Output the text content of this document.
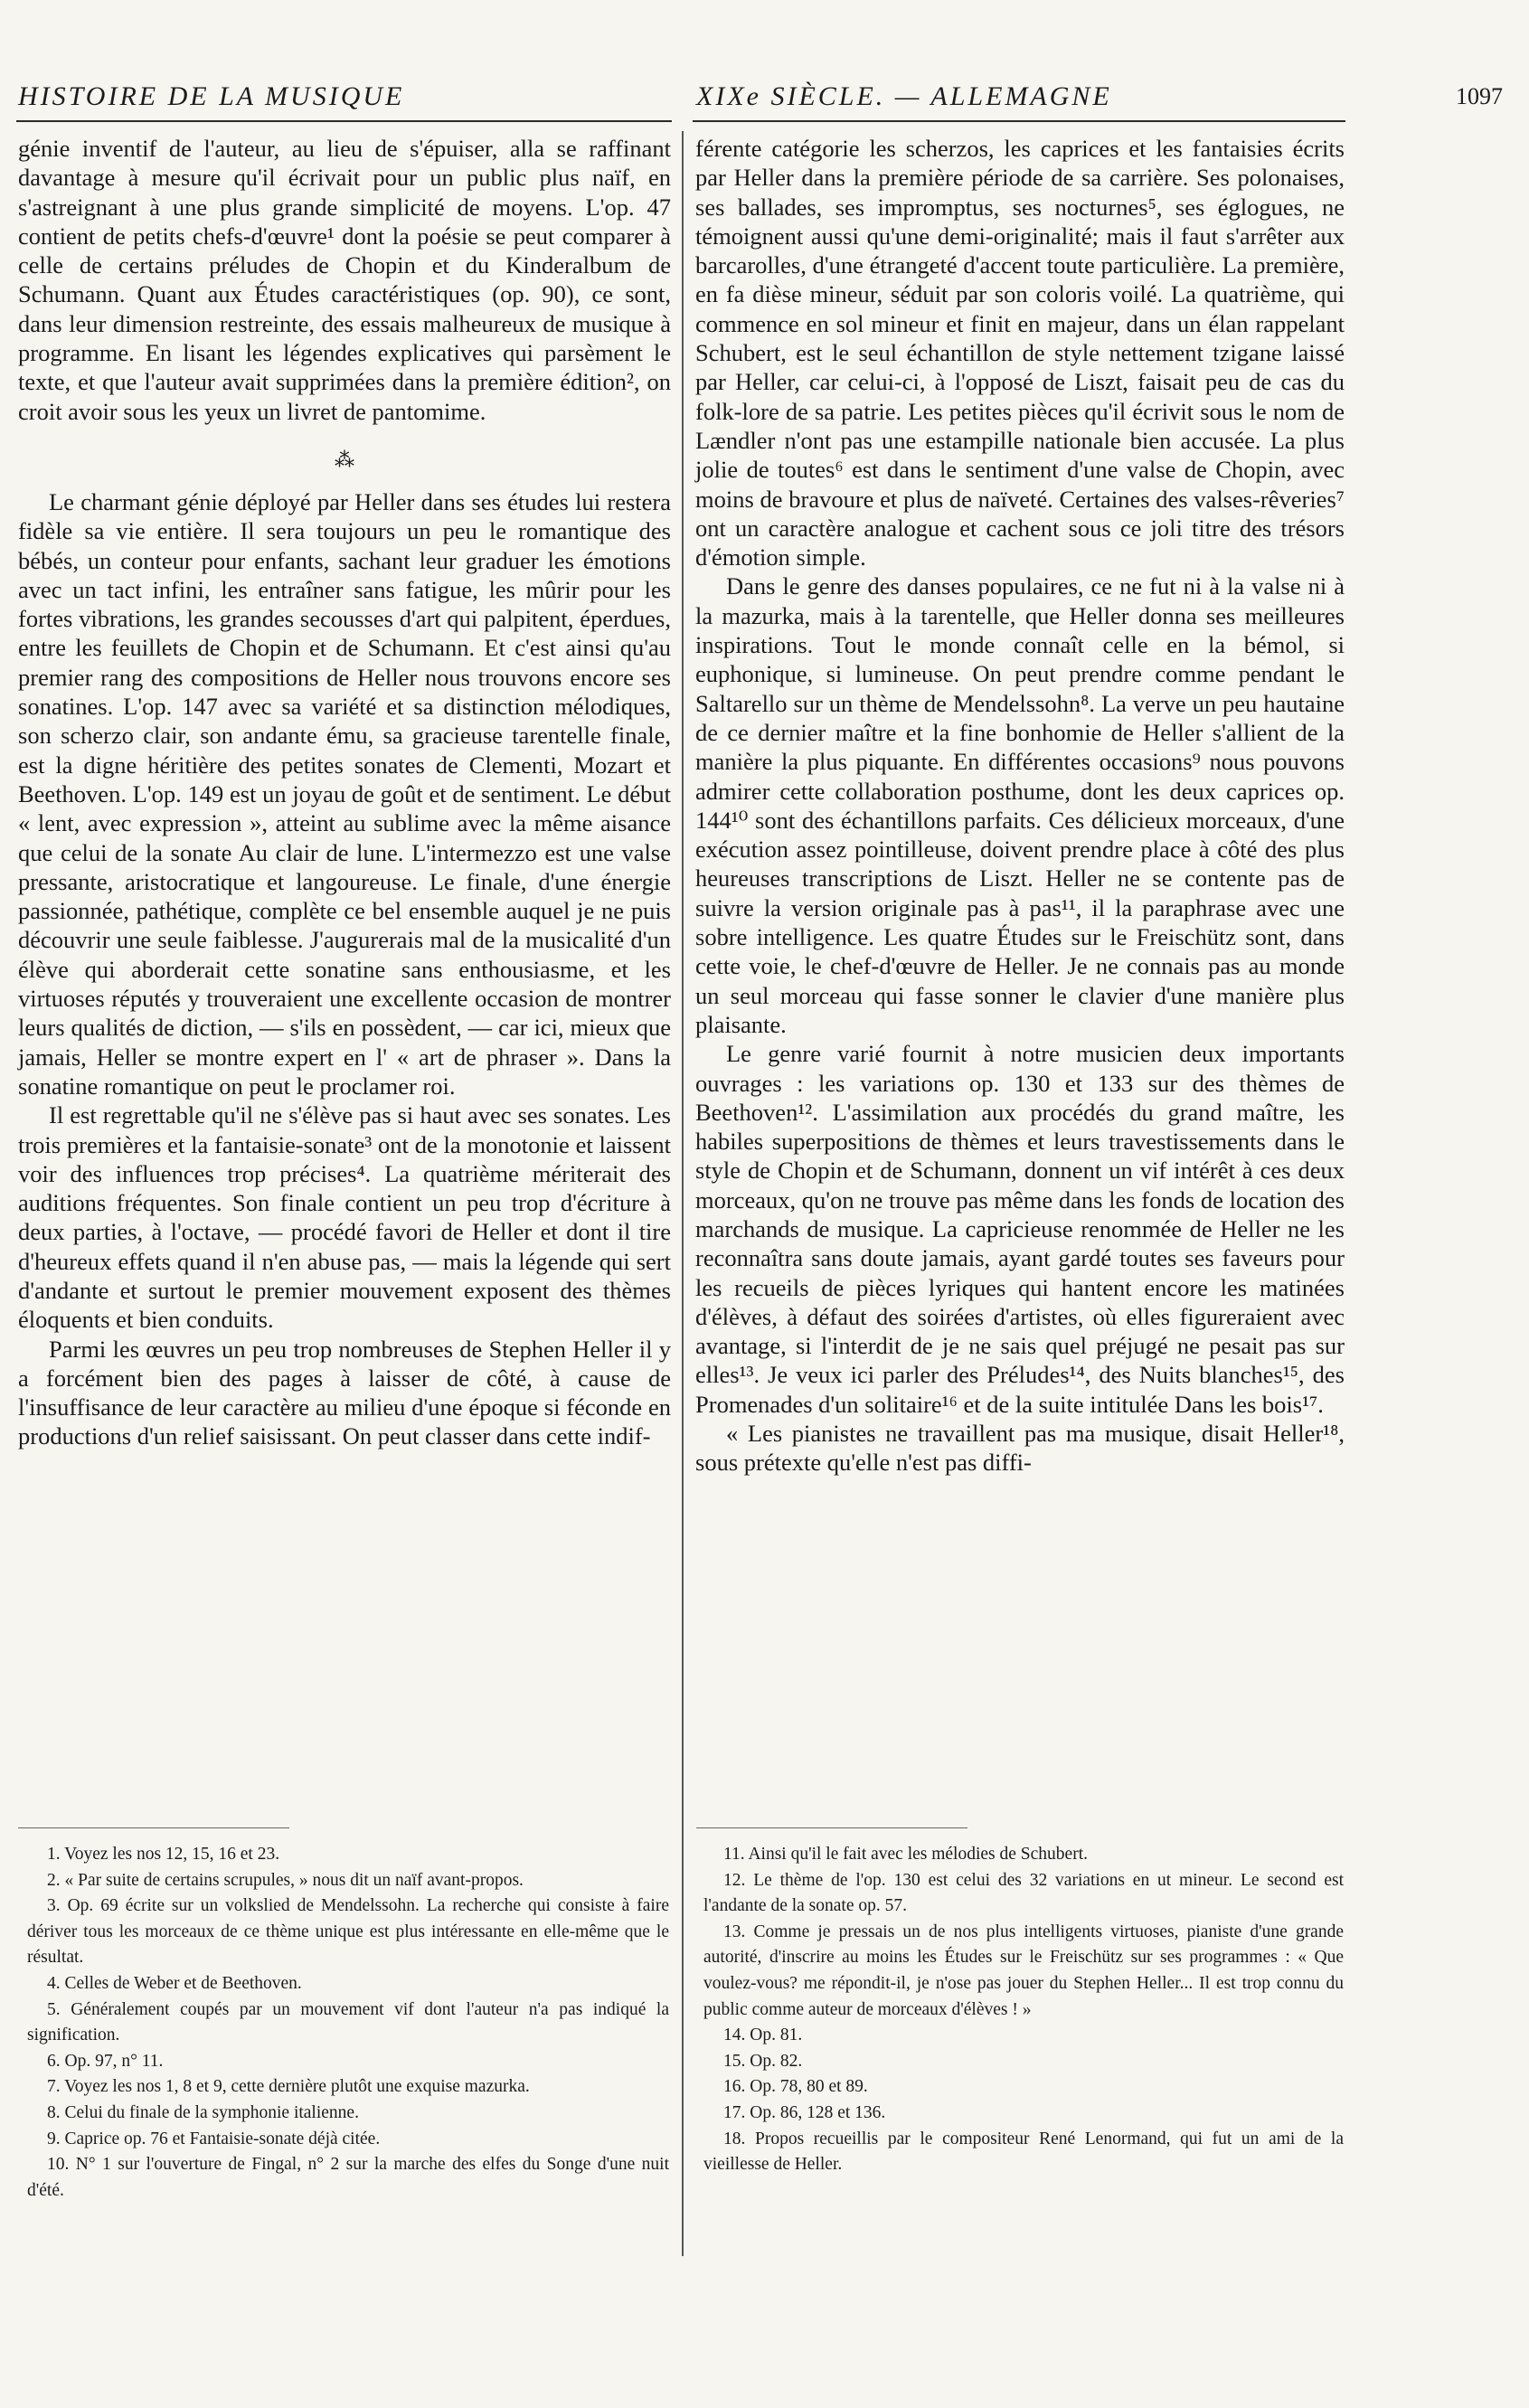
HISTOIRE DE LA MUSIQUE	XIXe SIÈCLE. — ALLEMAGNE	1097

génie inventif de l'auteur, au lieu de s'épuiser, alla se raffinant davantage à mesure qu'il écrivait pour un public plus naïf, en s'astreignant à une plus grande simplicité de moyens. L'op. 47 contient de petits chefs-d'œuvre¹ dont la poésie se peut comparer à celle de certains préludes de Chopin et du Kinderalbum de Schumann. Quant aux Études caractéristiques (op. 90), ce sont, dans leur dimension restreinte, des essais malheureux de musique à programme. En lisant les légendes explicatives qui parsèment le texte, et que l'auteur avait supprimées dans la première édition², on croit avoir sous les yeux un livret de pantomime.

⁂

Le charmant génie déployé par Heller dans ses études lui restera fidèle sa vie entière. Il sera toujours un peu le romantique des bébés, un conteur pour enfants, sachant leur graduer les émotions avec un tact infini, les entraîner sans fatigue, les mûrir pour les fortes vibrations, les grandes secousses d'art qui palpitent, éperdues, entre les feuillets de Chopin et de Schumann. Et c'est ainsi qu'au premier rang des compositions de Heller nous trouvons encore ses sonatines. L'op. 147 avec sa variété et sa distinction mélodiques, son scherzo clair, son andante ému, sa gracieuse tarentelle finale, est la digne héritière des petites sonates de Clementi, Mozart et Beethoven. L'op. 149 est un joyau de goût et de sentiment. Le début « lent, avec expression », atteint au sublime avec la même aisance que celui de la sonate Au clair de lune. L'intermezzo est une valse pressante, aristocratique et langoureuse. Le finale, d'une énergie passionnée, pathétique, complète ce bel ensemble auquel je ne puis découvrir une seule faiblesse. J'augurerais mal de la musicalité d'un élève qui aborderait cette sonatine sans enthousiasme, et les virtuoses réputés y trouveraient une excellente occasion de montrer leurs qualités de diction, — s'ils en possèdent, — car ici, mieux que jamais, Heller se montre expert en l' « art de phraser ». Dans la sonatine romantique on peut le proclamer roi.

Il est regrettable qu'il ne s'élève pas si haut avec ses sonates. Les trois premières et la fantaisie-sonate³ ont de la monotonie et laissent voir des influences trop précises⁴. La quatrième mériterait des auditions fréquentes. Son finale contient un peu trop d'écriture à deux parties, à l'octave, — procédé favori de Heller et dont il tire d'heureux effets quand il n'en abuse pas, — mais la légende qui sert d'andante et surtout le premier mouvement exposent des thèmes éloquents et bien conduits.

Parmi les œuvres un peu trop nombreuses de Stephen Heller il y a forcément bien des pages à laisser de côté, à cause de l'insuffisance de leur caractère au milieu d'une époque si féconde en productions d'un relief saisissant. On peut classer dans cette indif-

férente catégorie les scherzos, les caprices et les fantaisies écrits par Heller dans la première période de sa carrière. Ses polonaises, ses ballades, ses impromptus, ses nocturnes⁵, ses églogues, ne témoignent aussi qu'une demi-originalité; mais il faut s'arrêter aux barcarolles, d'une étrangeté d'accent toute particulière. La première, en fa dièse mineur, séduit par son coloris voilé. La quatrième, qui commence en sol mineur et finit en majeur, dans un élan rappelant Schubert, est le seul échantillon de style nettement tzigane laissé par Heller, car celui-ci, à l'opposé de Liszt, faisait peu de cas du folk-lore de sa patrie. Les petites pièces qu'il écrivit sous le nom de Lændler n'ont pas une estampille nationale bien accusée. La plus jolie de toutes⁶ est dans le sentiment d'une valse de Chopin, avec moins de bravoure et plus de naïveté. Certaines des valses-rêveries⁷ ont un caractère analogue et cachent sous ce joli titre des trésors d'émotion simple.

Dans le genre des danses populaires, ce ne fut ni à la valse ni à la mazurka, mais à la tarentelle, que Heller donna ses meilleures inspirations. Tout le monde connaît celle en la bémol, si euphonique, si lumineuse. On peut prendre comme pendant le Saltarello sur un thème de Mendelssohn⁸. La verve un peu hautaine de ce dernier maître et la fine bonhomie de Heller s'allient de la manière la plus piquante. En différentes occasions⁹ nous pouvons admirer cette collaboration posthume, dont les deux caprices op. 144¹⁰ sont des échantillons parfaits. Ces délicieux morceaux, d'une exécution assez pointilleuse, doivent prendre place à côté des plus heureuses transcriptions de Liszt. Heller ne se contente pas de suivre la version originale pas à pas¹¹, il la paraphrase avec une sobre intelligence. Les quatre Études sur le Freischütz sont, dans cette voie, le chef-d'œuvre de Heller. Je ne connais pas au monde un seul morceau qui fasse sonner le clavier d'une manière plus plaisante.

Le genre varié fournit à notre musicien deux importants ouvrages : les variations op. 130 et 133 sur des thèmes de Beethoven¹². L'assimilation aux procédés du grand maître, les habiles superpositions de thèmes et leurs travestissements dans le style de Chopin et de Schumann, donnent un vif intérêt à ces deux morceaux, qu'on ne trouve pas même dans les fonds de location des marchands de musique. La capricieuse renommée de Heller ne les reconnaîtra sans doute jamais, ayant gardé toutes ses faveurs pour les recueils de pièces lyriques qui hantent encore les matinées d'élèves, à défaut des soirées d'artistes, où elles figureraient avec avantage, si l'interdit de je ne sais quel préjugé ne pesait pas sur elles¹³. Je veux ici parler des Préludes¹⁴, des Nuits blanches¹⁵, des Promenades d'un solitaire¹⁶ et de la suite intitulée Dans les bois¹⁷.

« Les pianistes ne travaillent pas ma musique, disait Heller¹⁸, sous prétexte qu'elle n'est pas diffi-

1. Voyez les nos 12, 15, 16 et 23.

2. « Par suite de certains scrupules, » nous dit un naïf avant-propos.

3. Op. 69 écrite sur un volkslied de Mendelssohn. La recherche qui consiste à faire dériver tous les morceaux de ce thème unique est plus intéressante en elle-même que le résultat.

4. Celles de Weber et de Beethoven.

5. Généralement coupés par un mouvement vif dont l'auteur n'a pas indiqué la signification.

6. Op. 97, n° 11.

7. Voyez les nos 1, 8 et 9, cette dernière plutôt une exquise mazurka.

8. Celui du finale de la symphonie italienne.

9. Caprice op. 76 et Fantaisie-sonate déjà citée.

10. N° 1 sur l'ouverture de Fingal, n° 2 sur la marche des elfes du Songe d'une nuit d'été.

11. Ainsi qu'il le fait avec les mélodies de Schubert.

12. Le thème de l'op. 130 est celui des 32 variations en ut mineur. Le second est l'andante de la sonate op. 57.

13. Comme je pressais un de nos plus intelligents virtuoses, pianiste d'une grande autorité, d'inscrire au moins les Études sur le Freischütz sur ses programmes : « Que voulez-vous? me répondit-il, je n'ose pas jouer du Stephen Heller... Il est trop connu du public comme auteur de morceaux d'élèves ! »

14. Op. 81.

15. Op. 82.

16. Op. 78, 80 et 89.

17. Op. 86, 128 et 136.

18. Propos recueillis par le compositeur René Lenormand, qui fut un ami de la vieillesse de Heller.
